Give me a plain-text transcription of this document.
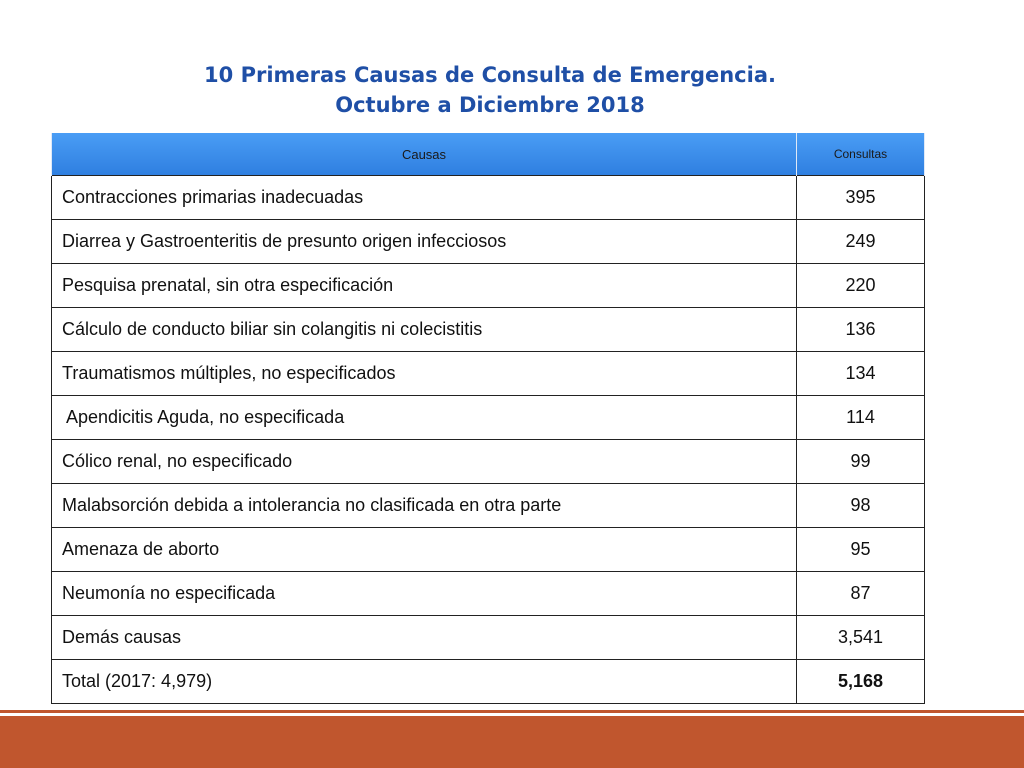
10 Primeras Causas de Consulta de Emergencia.
Octubre a Diciembre 2018
Causas	Consultas
Contracciones primarias inadecuadas	395
Diarrea y Gastroenteritis de presunto origen infecciosos	249
Pesquisa prenatal, sin otra especificación	220
Cálculo de conducto biliar sin colangitis ni colecistitis	136
Traumatismos múltiples, no especificados	134
Apendicitis Aguda, no especificada	114
Cólico renal, no especificado	99
Malabsorción debida a intolerancia no clasificada en otra parte	98
Amenaza de aborto	95
Neumonía no especificada	87
Demás causas	3,541
Total (2017: 4,979)	5,168
